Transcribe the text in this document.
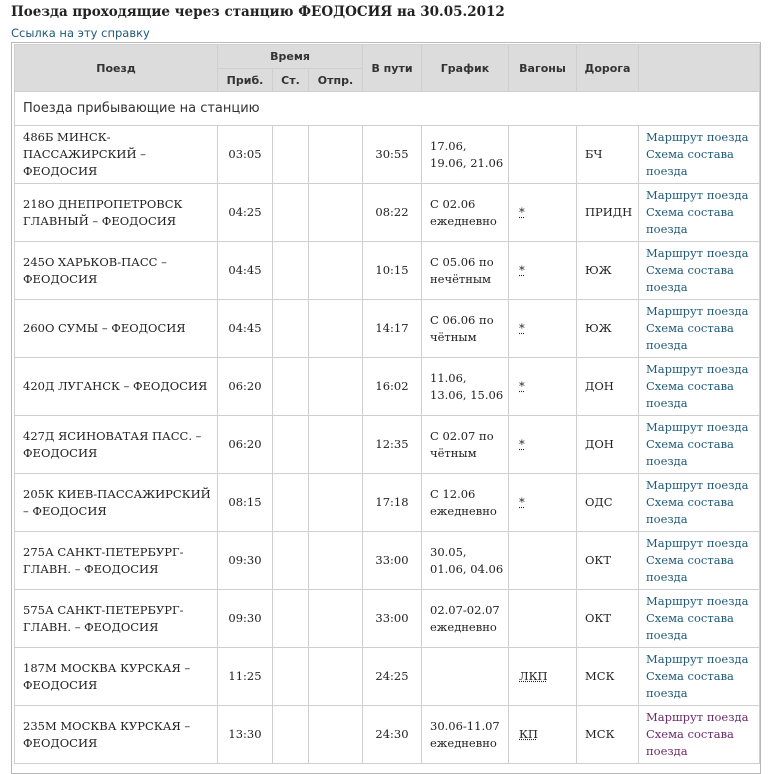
Поезда проходящие через станцию ФЕОДОСИЯ на 30.05.2012
Ссылка на эту справку
Поезд	Время			В пути	График	Вагоны	Дорога	
	Приб.	Ст.	Отпр.					
Поезда прибывающие на станцию								
486Б МИНСК-ПАССАЖИРСКИЙ – ФЕОДОСИЯ	03:05			30:55	17.06, 19.06, 21.06		БЧ	Маршрут поезда
Схема состава поезда

218О ДНЕПРОПЕТРОВСК ГЛАВНЫЙ – ФЕОДОСИЯ	04:25			08:22	С 02.06 ежедневно	*	ПРИДН	Маршрут поезда
Схема состава поезда

245О ХАРЬКОВ-ПАСС – ФЕОДОСИЯ	04:45			10:15	С 05.06 по нечётным	*	ЮЖ	Маршрут поезда
Схема состава поезда

260О СУМЫ – ФЕОДОСИЯ	04:45			14:17	С 06.06 по чётным	*	ЮЖ	Маршрут поезда
Схема состава поезда

420Д ЛУГАНСК – ФЕОДОСИЯ	06:20			16:02	11.06, 13.06, 15.06	*	ДОН	Маршрут поезда
Схема состава поезда

427Д ЯСИНОВАТАЯ ПАСС. – ФЕОДОСИЯ	06:20			12:35	С 02.07 по чётным	*	ДОН	Маршрут поезда
Схема состава поезда

205К КИЕВ-ПАССАЖИРСКИЙ – ФЕОДОСИЯ	08:15			17:18	С 12.06 ежедневно	*	ОДС	Маршрут поезда
Схема состава поезда

275А САНКТ-ПЕТЕРБУРГ-ГЛАВН. – ФЕОДОСИЯ	09:30			33:00	30.05, 01.06, 04.06		ОКТ	Маршрут поезда
Схема состава поезда

575А САНКТ-ПЕТЕРБУРГ-ГЛАВН. – ФЕОДОСИЯ	09:30			33:00	02.07-02.07 ежедневно		ОКТ	Маршрут поезда
Схема состава поезда

187М МОСКВА КУРСКАЯ – ФЕОДОСИЯ	11:25			24:25		ЛКП	МСК	Маршрут поезда
Схема состава поезда

235М МОСКВА КУРСКАЯ – ФЕОДОСИЯ	13:30			24:30	30.06-11.07 ежедневно	КП	МСК	Маршрут поезда
Схема состава поезда
